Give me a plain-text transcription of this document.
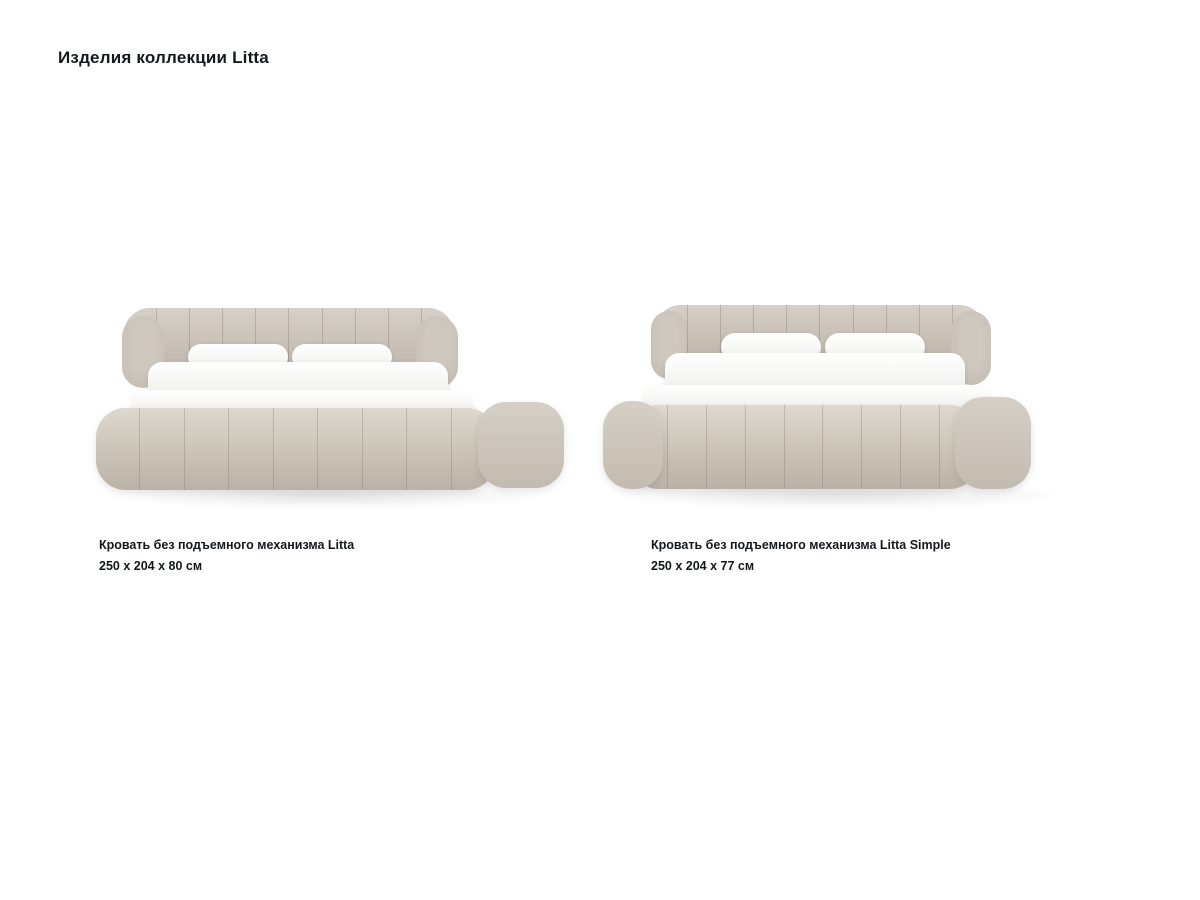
Изделия коллекции Litta
Кровать без подъемного механизма Litta
250 x 204 x 80 см
Кровать без подъемного механизма Litta Simple
250 x 204 x 77 см
